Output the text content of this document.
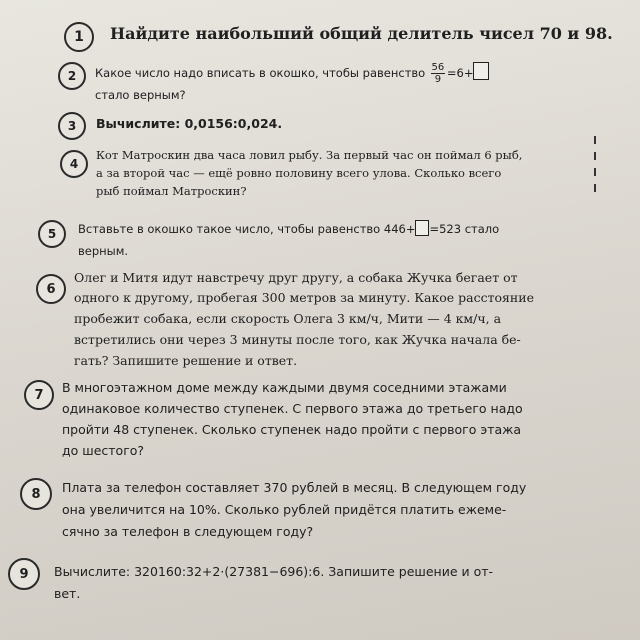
1	Найдите наибольший общий делитель чисел 70 и 98.

2	Какое число надо вписать в окошко, чтобы равенство $\frac{56}{9} =6+$

стало верным?

3	Вычислите: 0,0156:0,024.

4

Кот Матроскин два часа ловил рыбу. За первый час он поймал 6 рыб,

а за второй час — ещё ровно половину всего улова. Сколько всего

рыб поймал Матроскин?

5	Вставьте в окошко такое число, чтобы равенство 446+ =523 стало

верным.

6

Олег и Митя идут навстречу друг другу, а собака Жучка бегает от

одного к другому, пробегая 300 метров за минуту. Какое расстояние

пробежит собака, если скорость Олега 3 км/ч, Мити — 4 км/ч, а

встретились они через 3 минуты после того, как Жучка начала бе-

гать? Запишите решение и ответ.

7	В многоэтажном доме между каждыми двумя соседними этажами

одинаковое количество ступенек. С первого этажа до третьего надо

пройти 48 ступенек. Сколько ступенек надо пройти с первого этажа

до шестого?

8	Плата за телефон составляет 370 рублей в месяц. В следующем году

она увеличится на 10%. Сколько рублей придётся платить ежеме-

сячно за телефон в следующем году?

9	Вычислите: 320160:32+2·(27381−696):6. Запишите решение и от-

вет.
